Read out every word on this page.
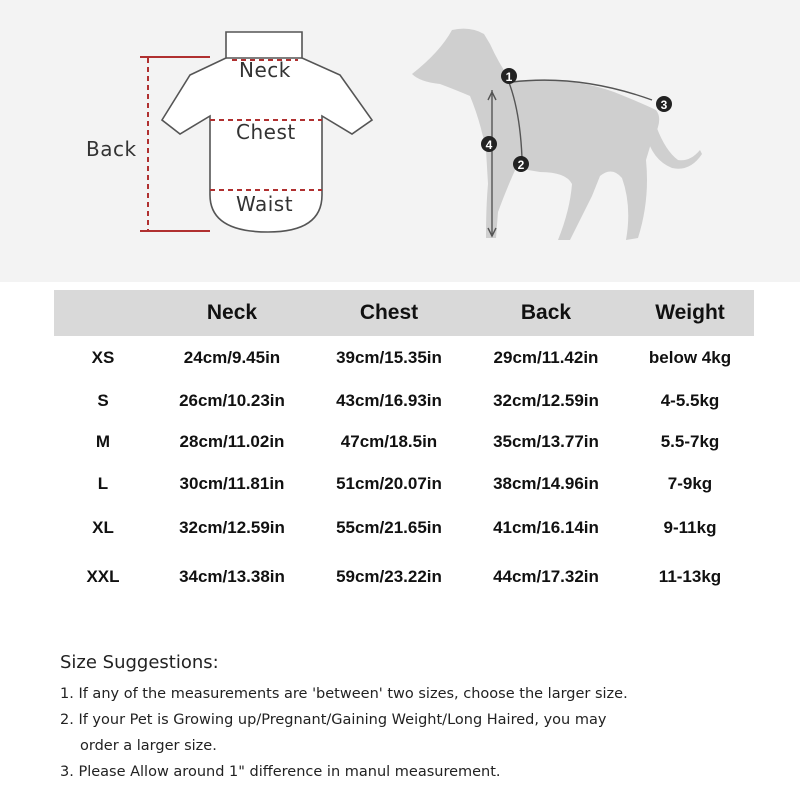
1
2
3
4
Neck
Chest
Back
Waist
	Neck	Chest	Back	Weight
XS	24cm/9.45in	39cm/15.35in	29cm/11.42in	below 4kg
S	26cm/10.23in	43cm/16.93in	32cm/12.59in	4-5.5kg
M	28cm/11.02in	47cm/18.5in	35cm/13.77in	5.5-7kg
L	30cm/11.81in	51cm/20.07in	38cm/14.96in	7-9kg
XL	32cm/12.59in	55cm/21.65in	41cm/16.14in	9-11kg
XXL	34cm/13.38in	59cm/23.22in	44cm/17.32in	11-13kg
Size Suggestions:
1. If any of the measurements are 'between' two sizes, choose the larger size.
2. If your Pet is Growing up/Pregnant/Gaining Weight/Long Haired, you may
order a larger size.
3. Please Allow around 1" difference in manul measurement.
